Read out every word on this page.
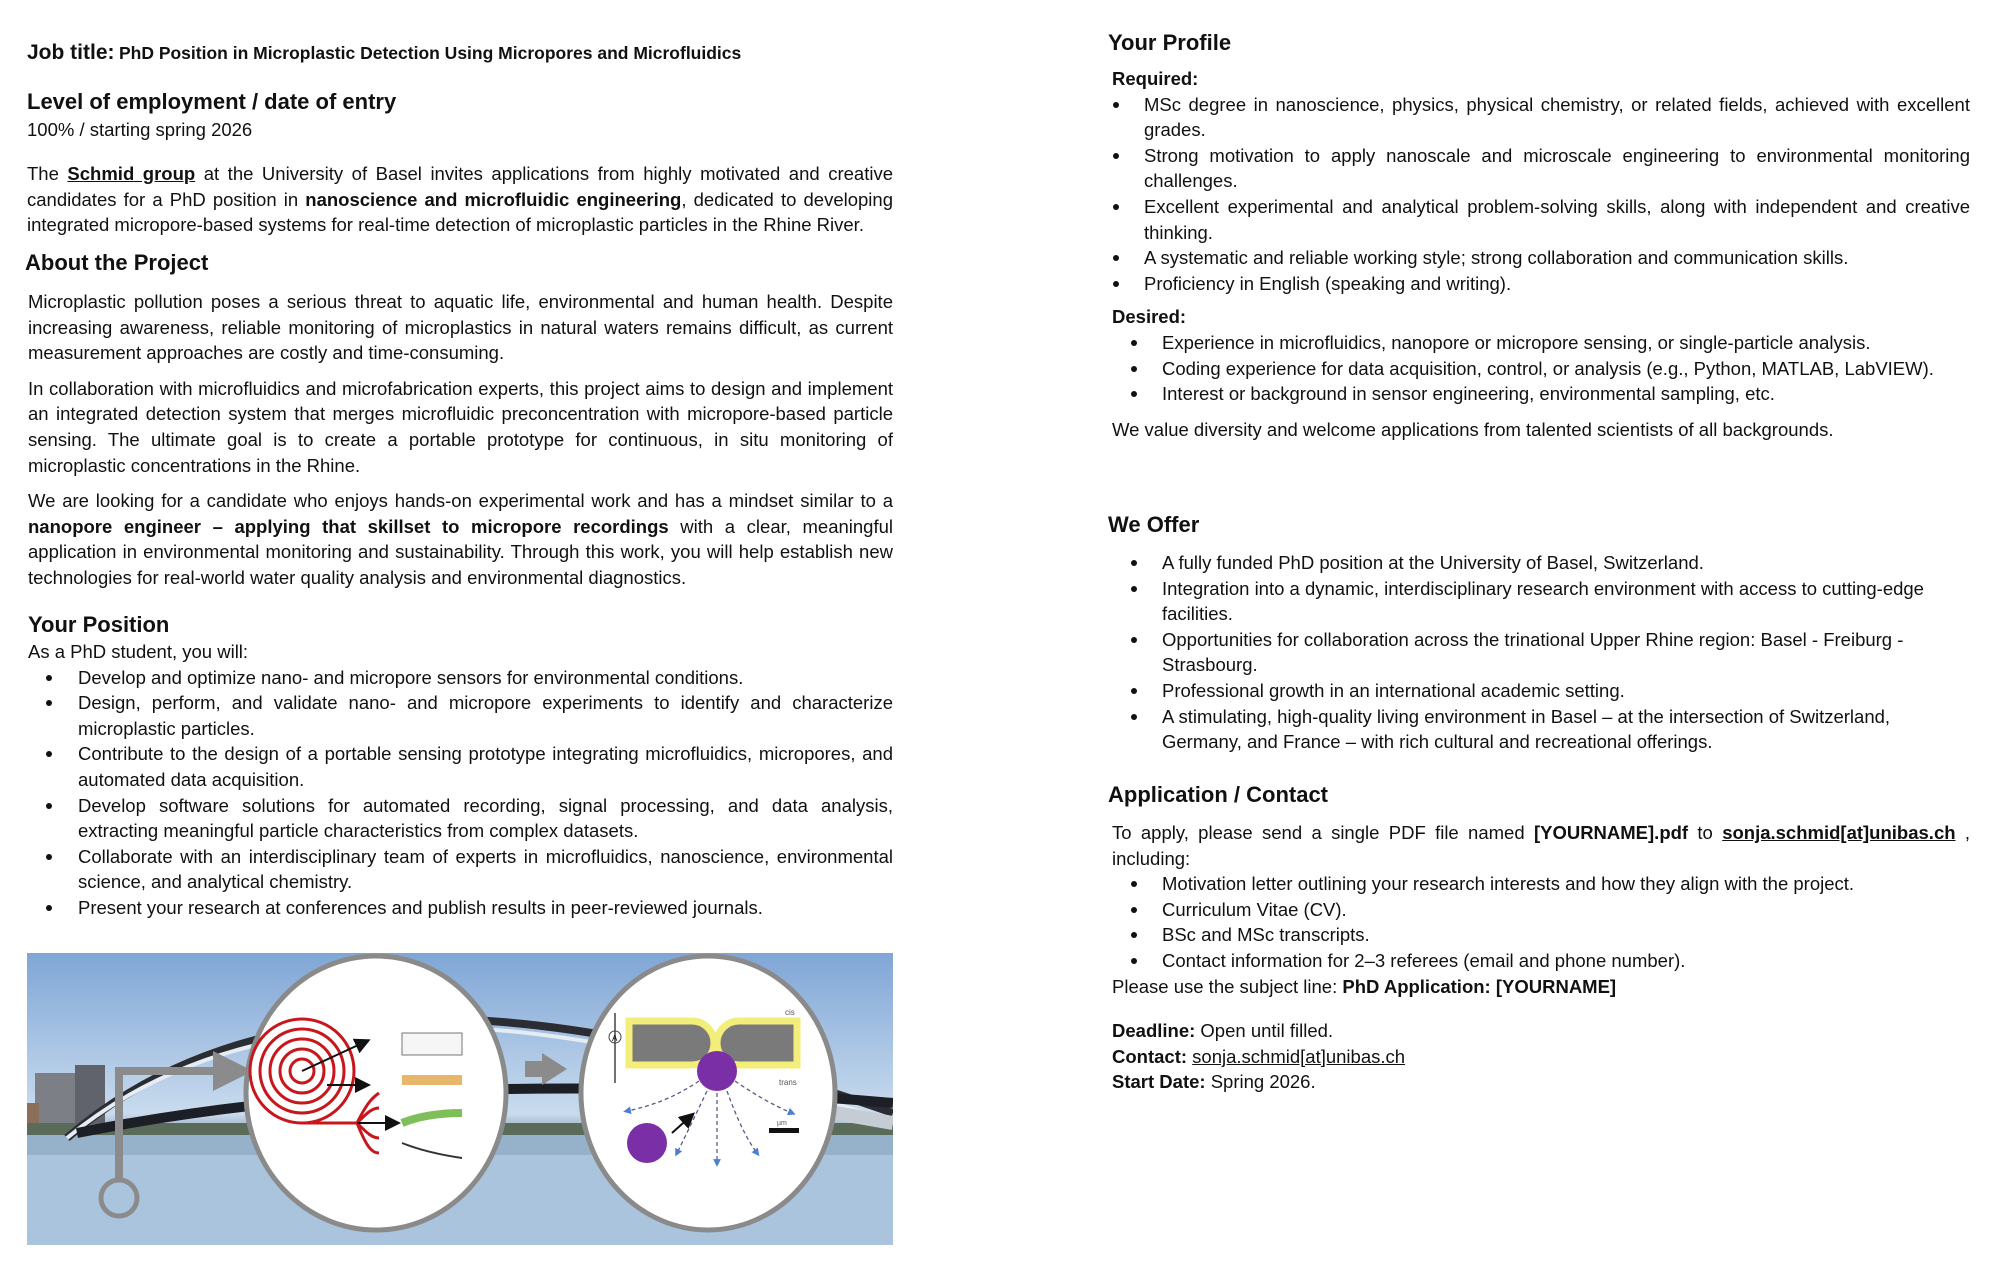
Job title: PhD Position in Microplastic Detection Using Micropores and Microfluidics

Level of employment / date of entry

100% / starting spring 2026

The Schmid group at the University of Basel invites applications from highly motivated and creative candidates for a PhD position in nanoscience and microfluidic engineering, dedicated to developing integrated micropore-based systems for real-time detection of microplastic particles in the Rhine River.

About the Project

Microplastic pollution poses a serious threat to aquatic life, environmental and human health. Despite increasing awareness, reliable monitoring of microplastics in natural waters remains difficult, as current measurement approaches are costly and time-consuming.

In collaboration with microfluidics and microfabrication experts, this project aims to design and implement an integrated detection system that merges microfluidic preconcentration with micropore-based particle sensing. The ultimate goal is to create a portable prototype for continuous, in situ monitoring of microplastic concentrations in the Rhine.

We are looking for a candidate who enjoys hands-on experimental work and has a mindset similar to a nanopore engineer – applying that skillset to micropore recordings with a clear, meaningful application in environmental monitoring and sustainability. Through this work, you will help establish new technologies for real-world water quality analysis and environmental diagnostics.

Your Position

As a PhD student, you will:

Develop and optimize nano- and micropore sensors for environmental conditions.
Design, perform, and validate nano- and micropore experiments to identify and characterize microplastic particles.
Contribute to the design of a portable sensing prototype integrating microfluidics, micropores, and automated data acquisition.
Develop software solutions for automated recording, signal processing, and data analysis, extracting meaningful particle characteristics from complex datasets.
Collaborate with an interdisciplinary team of experts in microfluidics, nanoscience, environmental science, and analytical chemistry.
Present your research at conferences and publish results in peer-reviewed journals.
A
cis
trans
µm

Your Profile

Required:

MSc degree in nanoscience, physics, physical chemistry, or related fields, achieved with excellent grades.
Strong motivation to apply nanoscale and microscale engineering to environmental monitoring challenges.
Excellent experimental and analytical problem-solving skills, along with independent and creative thinking.
A systematic and reliable working style; strong collaboration and communication skills.
Proficiency in English (speaking and writing).

Desired:

Experience in microfluidics, nanopore or micropore sensing, or single-particle analysis.
Coding experience for data acquisition, control, or analysis (e.g., Python, MATLAB, LabVIEW).
Interest or background in sensor engineering, environmental sampling, etc.

We value diversity and welcome applications from talented scientists of all backgrounds.

We Offer

A fully funded PhD position at the University of Basel, Switzerland.
Integration into a dynamic, interdisciplinary research environment with access to cutting-edge facilities.
Opportunities for collaboration across the trinational Upper Rhine region: Basel - Freiburg - Strasbourg.
Professional growth in an international academic setting.
A stimulating, high-quality living environment in Basel – at the intersection of Switzerland, Germany, and France – with rich cultural and recreational offerings.

Application / Contact

To apply, please send a single PDF file named [YOURNAME].pdf to sonja.schmid[at]unibas.ch , including:

Motivation letter outlining your research interests and how they align with the project.
Curriculum Vitae (CV).
BSc and MSc transcripts.
Contact information for 2–3 referees (email and phone number).

Please use the subject line: PhD Application: [YOURNAME]

Deadline: Open until filled.

Contact: sonja.schmid[at]unibas.ch

Start Date: Spring 2026.
